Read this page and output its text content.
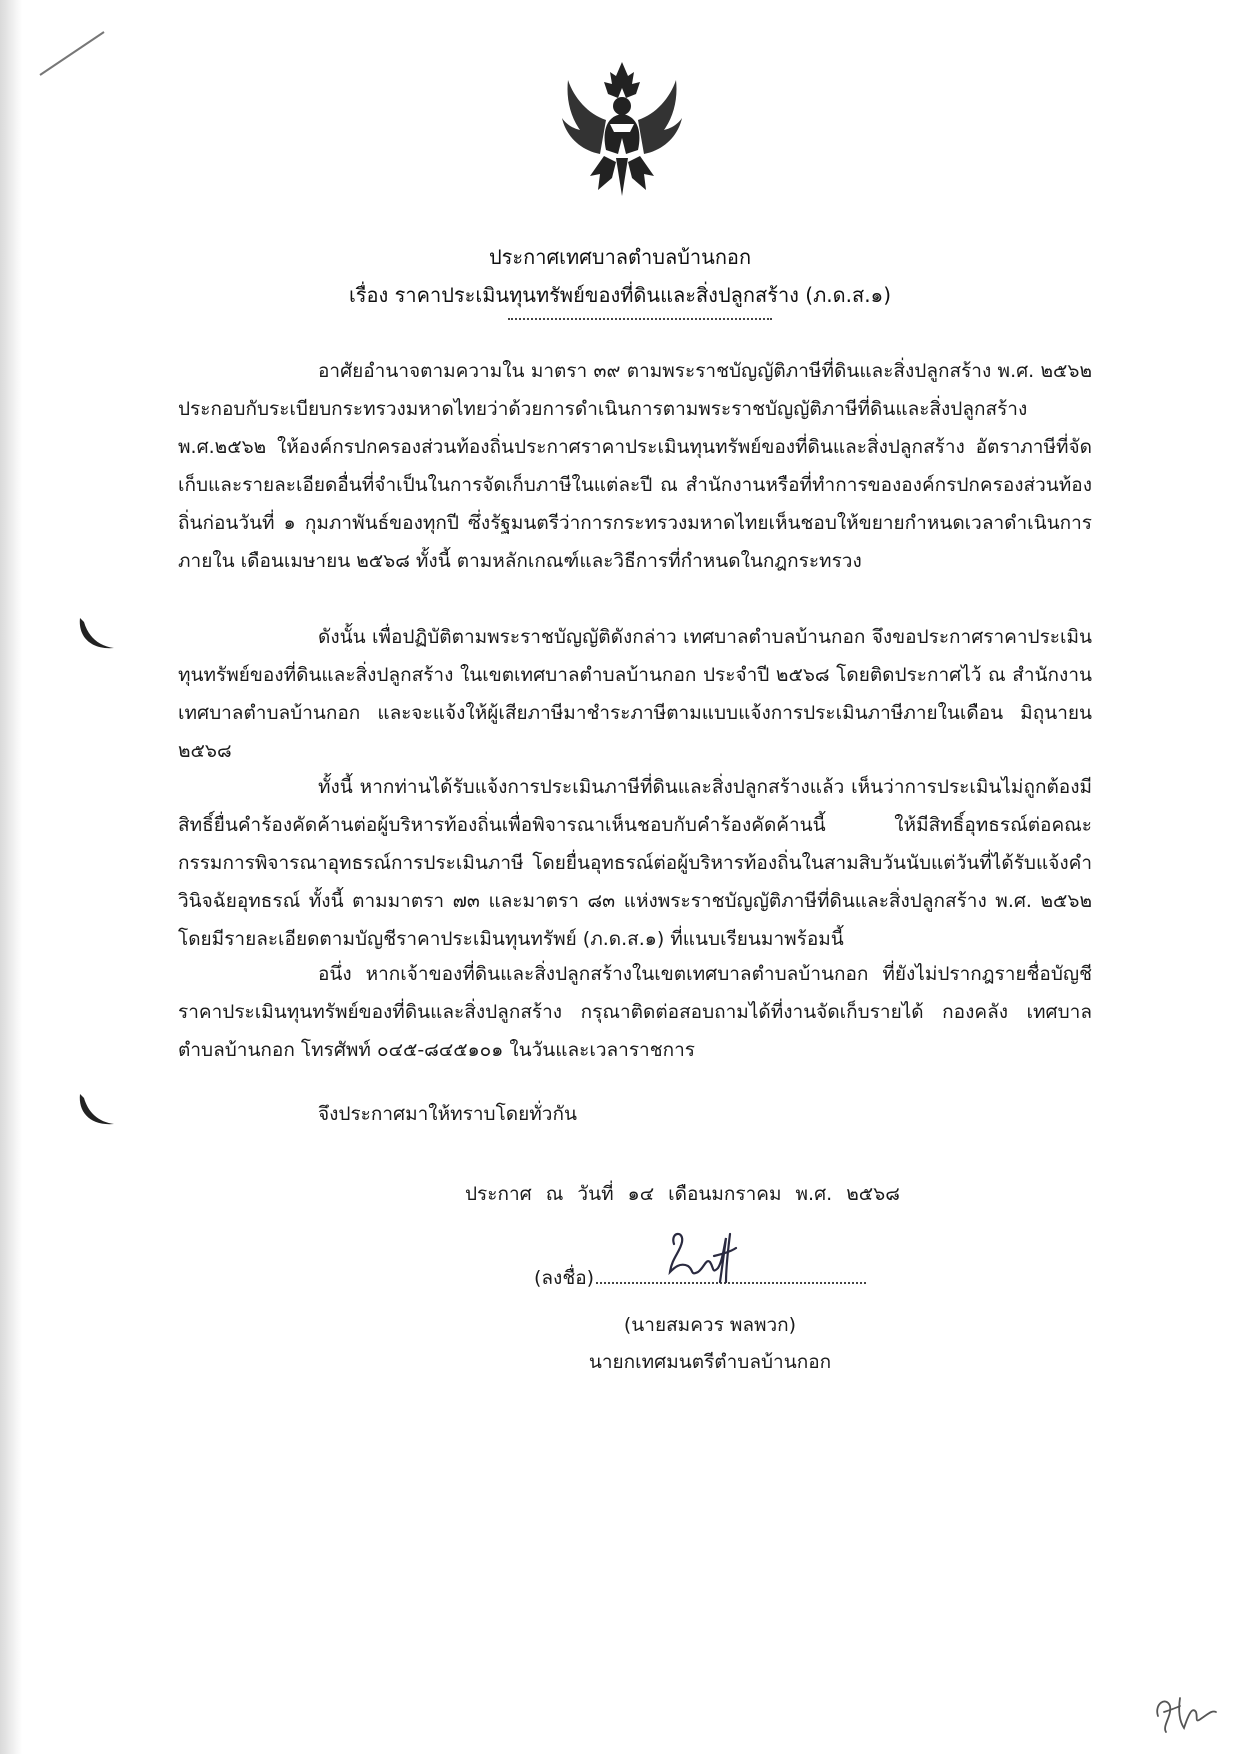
ประกาศเทศบาลตำบลบ้านกอก
เรื่อง ราคาประเมินทุนทรัพย์ของที่ดินและสิ่งปลูกสร้าง (ภ.ด.ส.๑)

อาศัยอำนาจตามความใน มาตรา ๓๙ ตามพระราชบัญญัติภาษีที่ดินและสิ่งปลูกสร้าง พ.ศ. ๒๕๖๒ ประกอบกับระเบียบกระทรวงมหาดไทยว่าด้วยการดำเนินการตามพระราชบัญญัติภาษีที่ดินและสิ่งปลูกสร้าง พ.ศ.๒๕๖๒ ให้องค์กรปกครองส่วนท้องถิ่นประกาศราคาประเมินทุนทรัพย์ของที่ดินและสิ่งปลูกสร้าง อัตราภาษีที่จัดเก็บและรายละเอียดอื่นที่จำเป็นในการจัดเก็บภาษีในแต่ละปี ณ สำนักงานหรือที่ทำการขององค์กรปกครองส่วนท้องถิ่นก่อนวันที่ ๑ กุมภาพันธ์ของทุกปี ซึ่งรัฐมนตรีว่าการกระทรวงมหาดไทยเห็นชอบให้ขยายกำหนดเวลาดำเนินการภายใน เดือนเมษายน ๒๕๖๘ ทั้งนี้ ตามหลักเกณฑ์และวิธีการที่กำหนดในกฎกระทรวง

ดังนั้น เพื่อปฏิบัติตามพระราชบัญญัติดังกล่าว เทศบาลตำบลบ้านกอก จึงขอประกาศราคาประเมินทุนทรัพย์ของที่ดินและสิ่งปลูกสร้าง ในเขตเทศบาลตำบลบ้านกอก ประจำปี ๒๕๖๘ โดยติดประกาศไว้ ณ สำนักงานเทศบาลตำบลบ้านกอก และจะแจ้งให้ผู้เสียภาษีมาชำระภาษีตามแบบแจ้งการประเมินภาษีภายในเดือน มิถุนายน ๒๕๖๘

ทั้งนี้ หากท่านได้รับแจ้งการประเมินภาษีที่ดินและสิ่งปลูกสร้างแล้ว เห็นว่าการประเมินไม่ถูกต้องมีสิทธิ์ยื่นคำร้องคัดค้านต่อผู้บริหารท้องถิ่นเพื่อพิจารณาเห็นชอบกับคำร้องคัดค้านนี้ ให้มีสิทธิ์อุทธรณ์ต่อคณะกรรมการพิจารณาอุทธรณ์การประเมินภาษี โดยยื่นอุทธรณ์ต่อผู้บริหารท้องถิ่นในสามสิบวันนับแต่วันที่ได้รับแจ้งคำวินิจฉัยอุทธรณ์ ทั้งนี้ ตามมาตรา ๗๓ และมาตรา ๘๓ แห่งพระราชบัญญัติภาษีที่ดินและสิ่งปลูกสร้าง พ.ศ. ๒๕๖๒ โดยมีรายละเอียดตามบัญชีราคาประเมินทุนทรัพย์ (ภ.ด.ส.๑) ที่แนบเรียนมาพร้อมนี้

อนึ่ง หากเจ้าของที่ดินและสิ่งปลูกสร้างในเขตเทศบาลตำบลบ้านกอก ที่ยังไม่ปรากฎรายชื่อบัญชีราคาประเมินทุนทรัพย์ของที่ดินและสิ่งปลูกสร้าง กรุณาติดต่อสอบถามได้ที่งานจัดเก็บรายได้ กองคลัง เทศบาลตำบลบ้านกอก โทรศัพท์ ๐๔๕-๘๔๕๑๐๑ ในวันและเวลาราชการ

จึงประกาศมาให้ทราบโดยทั่วกัน

ประกาศ ณ วันที่ ๑๔ เดือนมกราคม พ.ศ. ๒๕๖๘

(ลงชื่อ)
(นายสมควร พลพวก)
นายกเทศมนตรีตำบลบ้านกอก
